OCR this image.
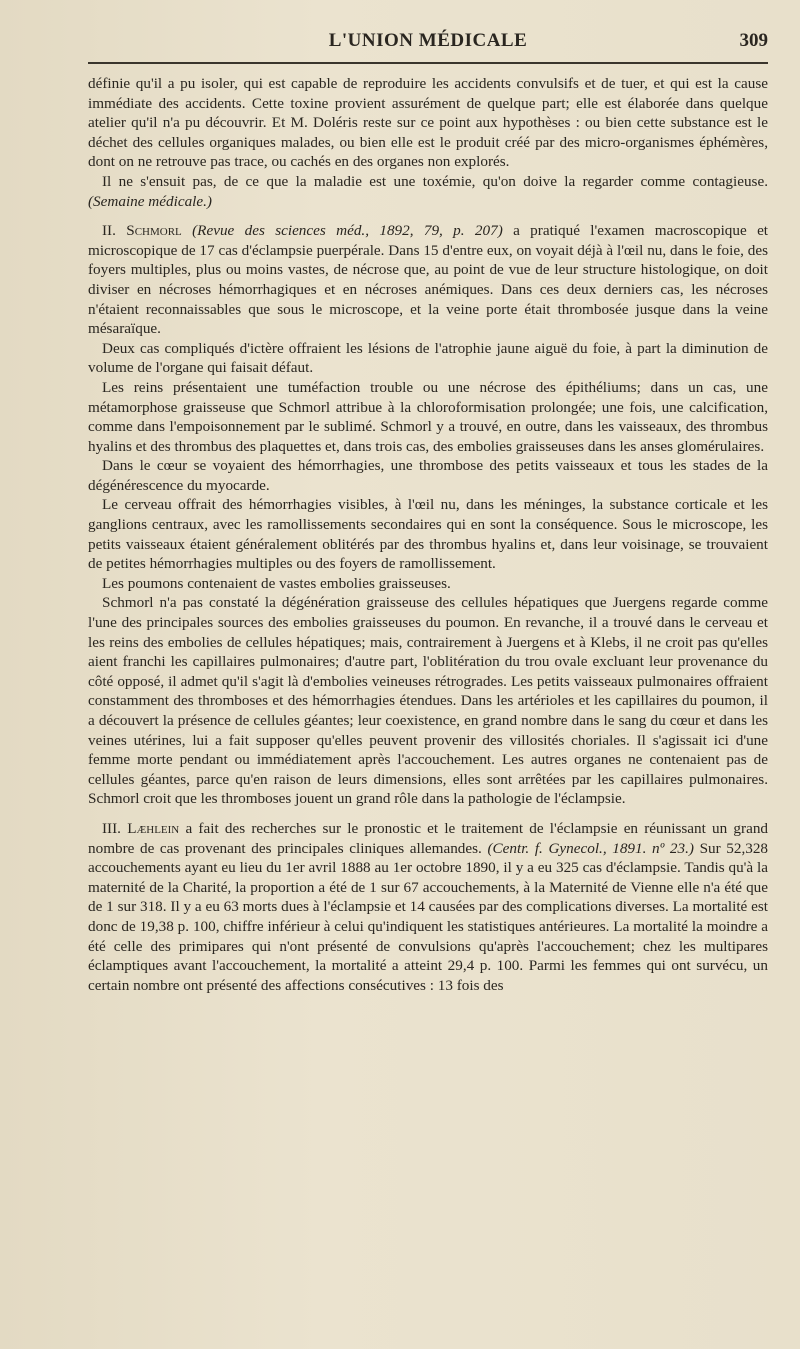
L'UNION MÉDICALE	309

définie qu'il a pu isoler, qui est capable de reproduire les accidents convulsifs et de tuer, et qui est la cause immédiate des accidents. Cette toxine provient assurément de quelque part; elle est élaborée dans quelque atelier qu'il n'a pu découvrir. Et M. Doléris reste sur ce point aux hypothèses : ou bien cette substance est le déchet des cellules organiques malades, ou bien elle est le produit créé par des micro-organismes éphémères, dont on ne retrouve pas trace, ou cachés en des organes non explorés.

Il ne s'ensuit pas, de ce que la maladie est une toxémie, qu'on doive la regarder comme contagieuse. (Semaine médicale.)

II. Schmorl (Revue des sciences méd., 1892, 79, p. 207) a pratiqué l'examen macroscopique et microscopique de 17 cas d'éclampsie puerpérale. Dans 15 d'entre eux, on voyait déjà à l'œil nu, dans le foie, des foyers multiples, plus ou moins vastes, de nécrose que, au point de vue de leur structure histologique, on doit diviser en nécroses hémorrhagiques et en nécroses anémiques. Dans ces deux derniers cas, les nécroses n'étaient reconnaissables que sous le microscope, et la veine porte était thrombosée jusque dans la veine mésaraïque.

Deux cas compliqués d'ictère offraient les lésions de l'atrophie jaune aiguë du foie, à part la diminution de volume de l'organe qui faisait défaut.

Les reins présentaient une tuméfaction trouble ou une nécrose des épithéliums; dans un cas, une métamorphose graisseuse que Schmorl attribue à la chloroformisation prolongée; une fois, une calcification, comme dans l'empoisonnement par le sublimé. Schmorl y a trouvé, en outre, dans les vaisseaux, des thrombus hyalins et des thrombus des plaquettes et, dans trois cas, des embolies graisseuses dans les anses glomérulaires.

Dans le cœur se voyaient des hémorrhagies, une thrombose des petits vaisseaux et tous les stades de la dégénérescence du myocarde.

Le cerveau offrait des hémorrhagies visibles, à l'œil nu, dans les méninges, la substance corticale et les ganglions centraux, avec les ramollissements secondaires qui en sont la conséquence. Sous le microscope, les petits vaisseaux étaient généralement oblitérés par des thrombus hyalins et, dans leur voisinage, se trouvaient de petites hémorrhagies multiples ou des foyers de ramollissement.

Les poumons contenaient de vastes embolies graisseuses.

Schmorl n'a pas constaté la dégénération graisseuse des cellules hépatiques que Juergens regarde comme l'une des principales sources des embolies graisseuses du poumon. En revanche, il a trouvé dans le cerveau et les reins des embolies de cellules hépatiques; mais, contrairement à Juergens et à Klebs, il ne croit pas qu'elles aient franchi les capillaires pulmonaires; d'autre part, l'oblitération du trou ovale excluant leur provenance du côté opposé, il admet qu'il s'agit là d'embolies veineuses rétrogrades. Les petits vaisseaux pulmonaires offraient constamment des thromboses et des hémorrhagies étendues. Dans les artérioles et les capillaires du poumon, il a découvert la présence de cellules géantes; leur coexistence, en grand nombre dans le sang du cœur et dans les veines utérines, lui a fait supposer qu'elles peuvent provenir des villosités choriales. Il s'agissait ici d'une femme morte pendant ou immédiatement après l'accouchement. Les autres organes ne contenaient pas de cellules géantes, parce qu'en raison de leurs dimensions, elles sont arrêtées par les capillaires pulmonaires. Schmorl croit que les thromboses jouent un grand rôle dans la pathologie de l'éclampsie.

III. Læhlein a fait des recherches sur le pronostic et le traitement de l'éclampsie en réunissant un grand nombre de cas provenant des principales cliniques allemandes. (Centr. f. Gynecol., 1891. nº 23.) Sur 52,328 accouchements ayant eu lieu du 1er avril 1888 au 1er octobre 1890, il y a eu 325 cas d'éclampsie. Tandis qu'à la maternité de la Charité, la proportion a été de 1 sur 67 accouchements, à la Maternité de Vienne elle n'a été que de 1 sur 318. Il y a eu 63 morts dues à l'éclampsie et 14 causées par des complications diverses. La mortalité est donc de 19,38 p. 100, chiffre inférieur à celui qu'indiquent les statistiques antérieures. La mortalité la moindre a été celle des primipares qui n'ont présenté de convulsions qu'après l'accouchement; chez les multipares éclamptiques avant l'accouchement, la mortalité a atteint 29,4 p. 100. Parmi les femmes qui ont survécu, un certain nombre ont présenté des affections consécutives : 13 fois des
